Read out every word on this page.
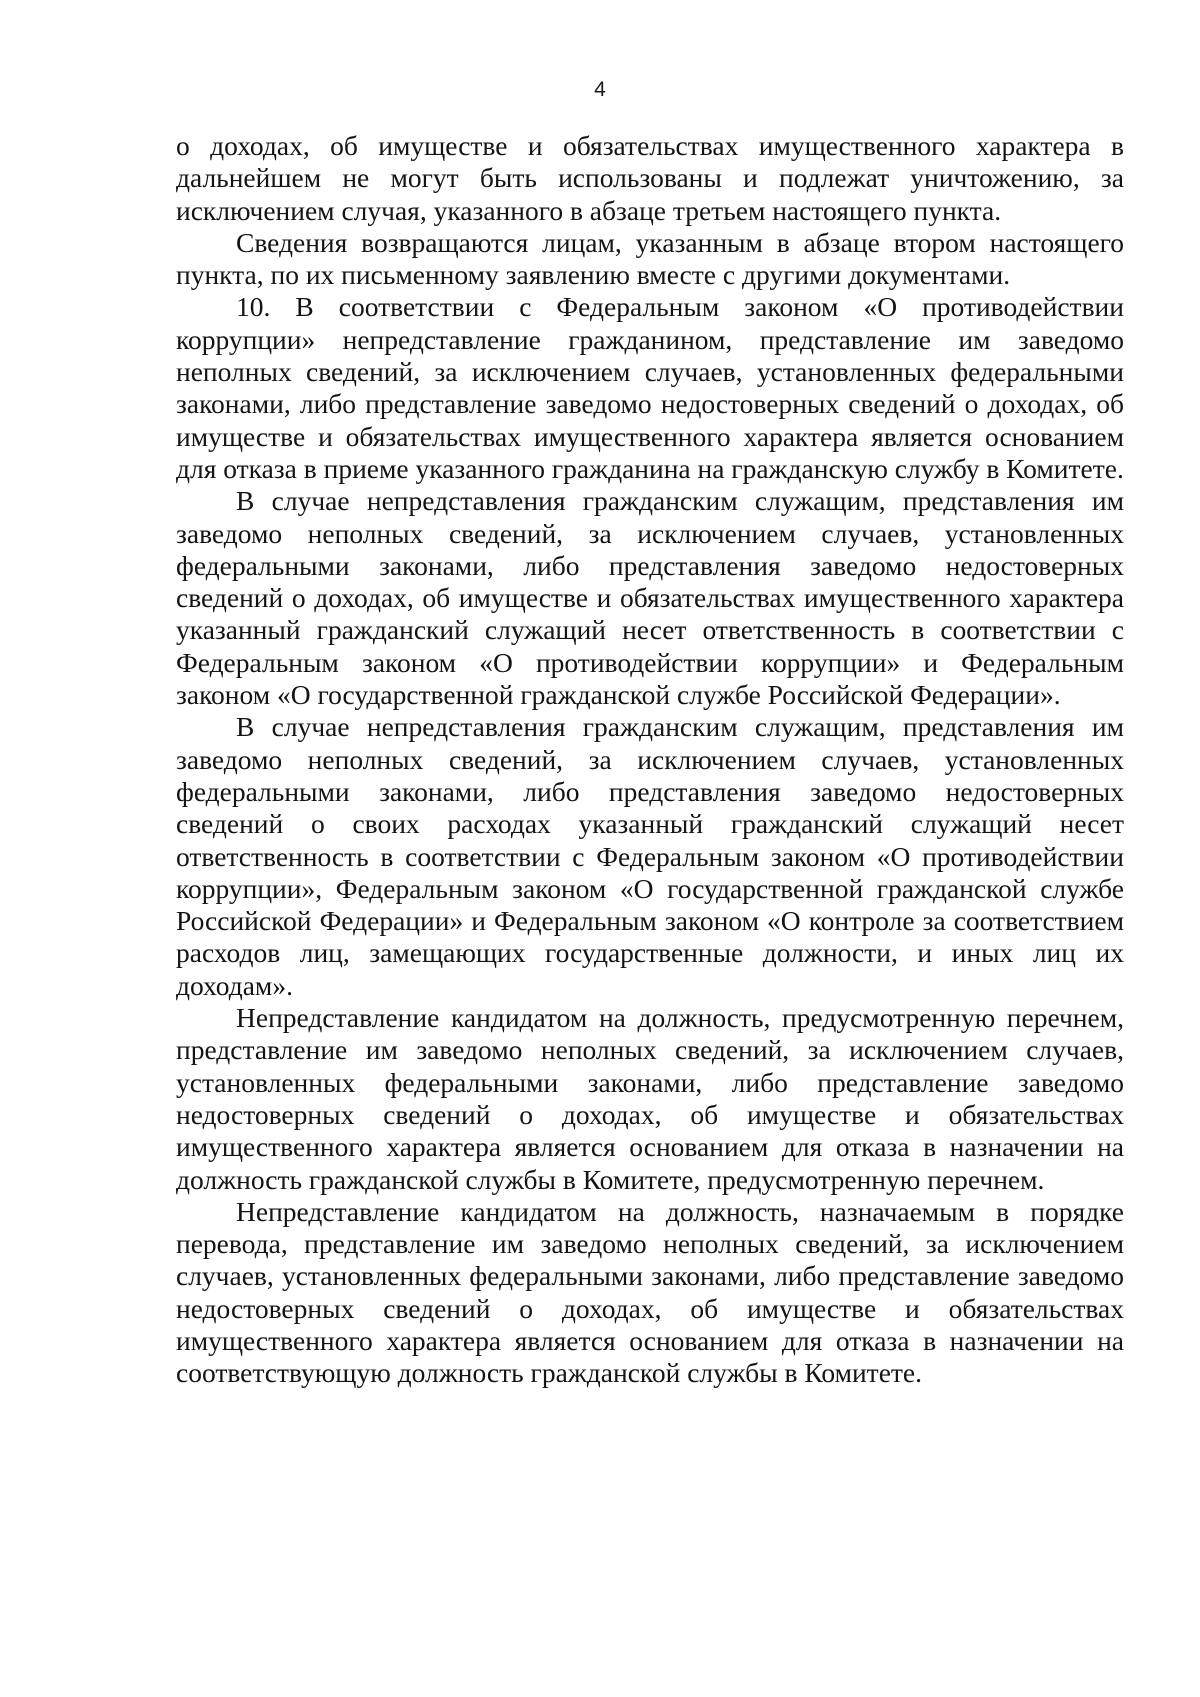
4

о доходах, об имуществе и обязательствах имущественного характера в дальнейшем не могут быть использованы и подлежат уничтожению, за исключением случая, указанного в абзаце третьем настоящего пункта.

Сведения возвращаются лицам, указанным в абзаце втором настоящего пункта, по их письменному заявлению вместе с другими документами.

10. В соответствии с Федеральным законом «О противодействии коррупции» непредставление гражданином, представление им заведомо неполных сведений, за исключением случаев, установленных федеральными законами, либо представление заведомо недостоверных сведений о доходах, об имуществе и обязательствах имущественного характера является основанием для отказа в приеме указанного гражданина на гражданскую службу в Комитете.

В случае непредставления гражданским служащим, представления им заведомо неполных сведений, за исключением случаев, установленных федеральными законами, либо представления заведомо недостоверных сведений о доходах, об имуществе и обязательствах имущественного характера указанный гражданский служащий несет ответственность в соответствии с Федеральным законом «О противодействии коррупции» и Федеральным законом «О государственной гражданской службе Российской Федерации».

В случае непредставления гражданским служащим, представления им заведомо неполных сведений, за исключением случаев, установленных федеральными законами, либо представления заведомо недостоверных сведений о своих расходах указанный гражданский служащий несет ответственность в соответствии с Федеральным законом «О противодействии коррупции», Федеральным законом «О государственной гражданской службе Российской Федерации» и Федеральным законом «О контроле за соответствием расходов лиц, замещающих государственные должности, и иных лиц их доходам».

Непредставление кандидатом на должность, предусмотренную перечнем, представление им заведомо неполных сведений, за исключением случаев, установленных федеральными законами, либо представление заведомо недостоверных сведений о доходах, об имуществе и обязательствах имущественного характера является основанием для отказа в назначении на должность гражданской службы в Комитете, предусмотренную перечнем.

Непредставление кандидатом на должность, назначаемым в порядке перевода, представление им заведомо неполных сведений, за исключением случаев, установленных федеральными законами, либо представление заведомо недостоверных сведений о доходах, об имуществе и обязательствах имущественного характера является основанием для отказа в назначении на соответствующую должность гражданской службы в Комитете.
